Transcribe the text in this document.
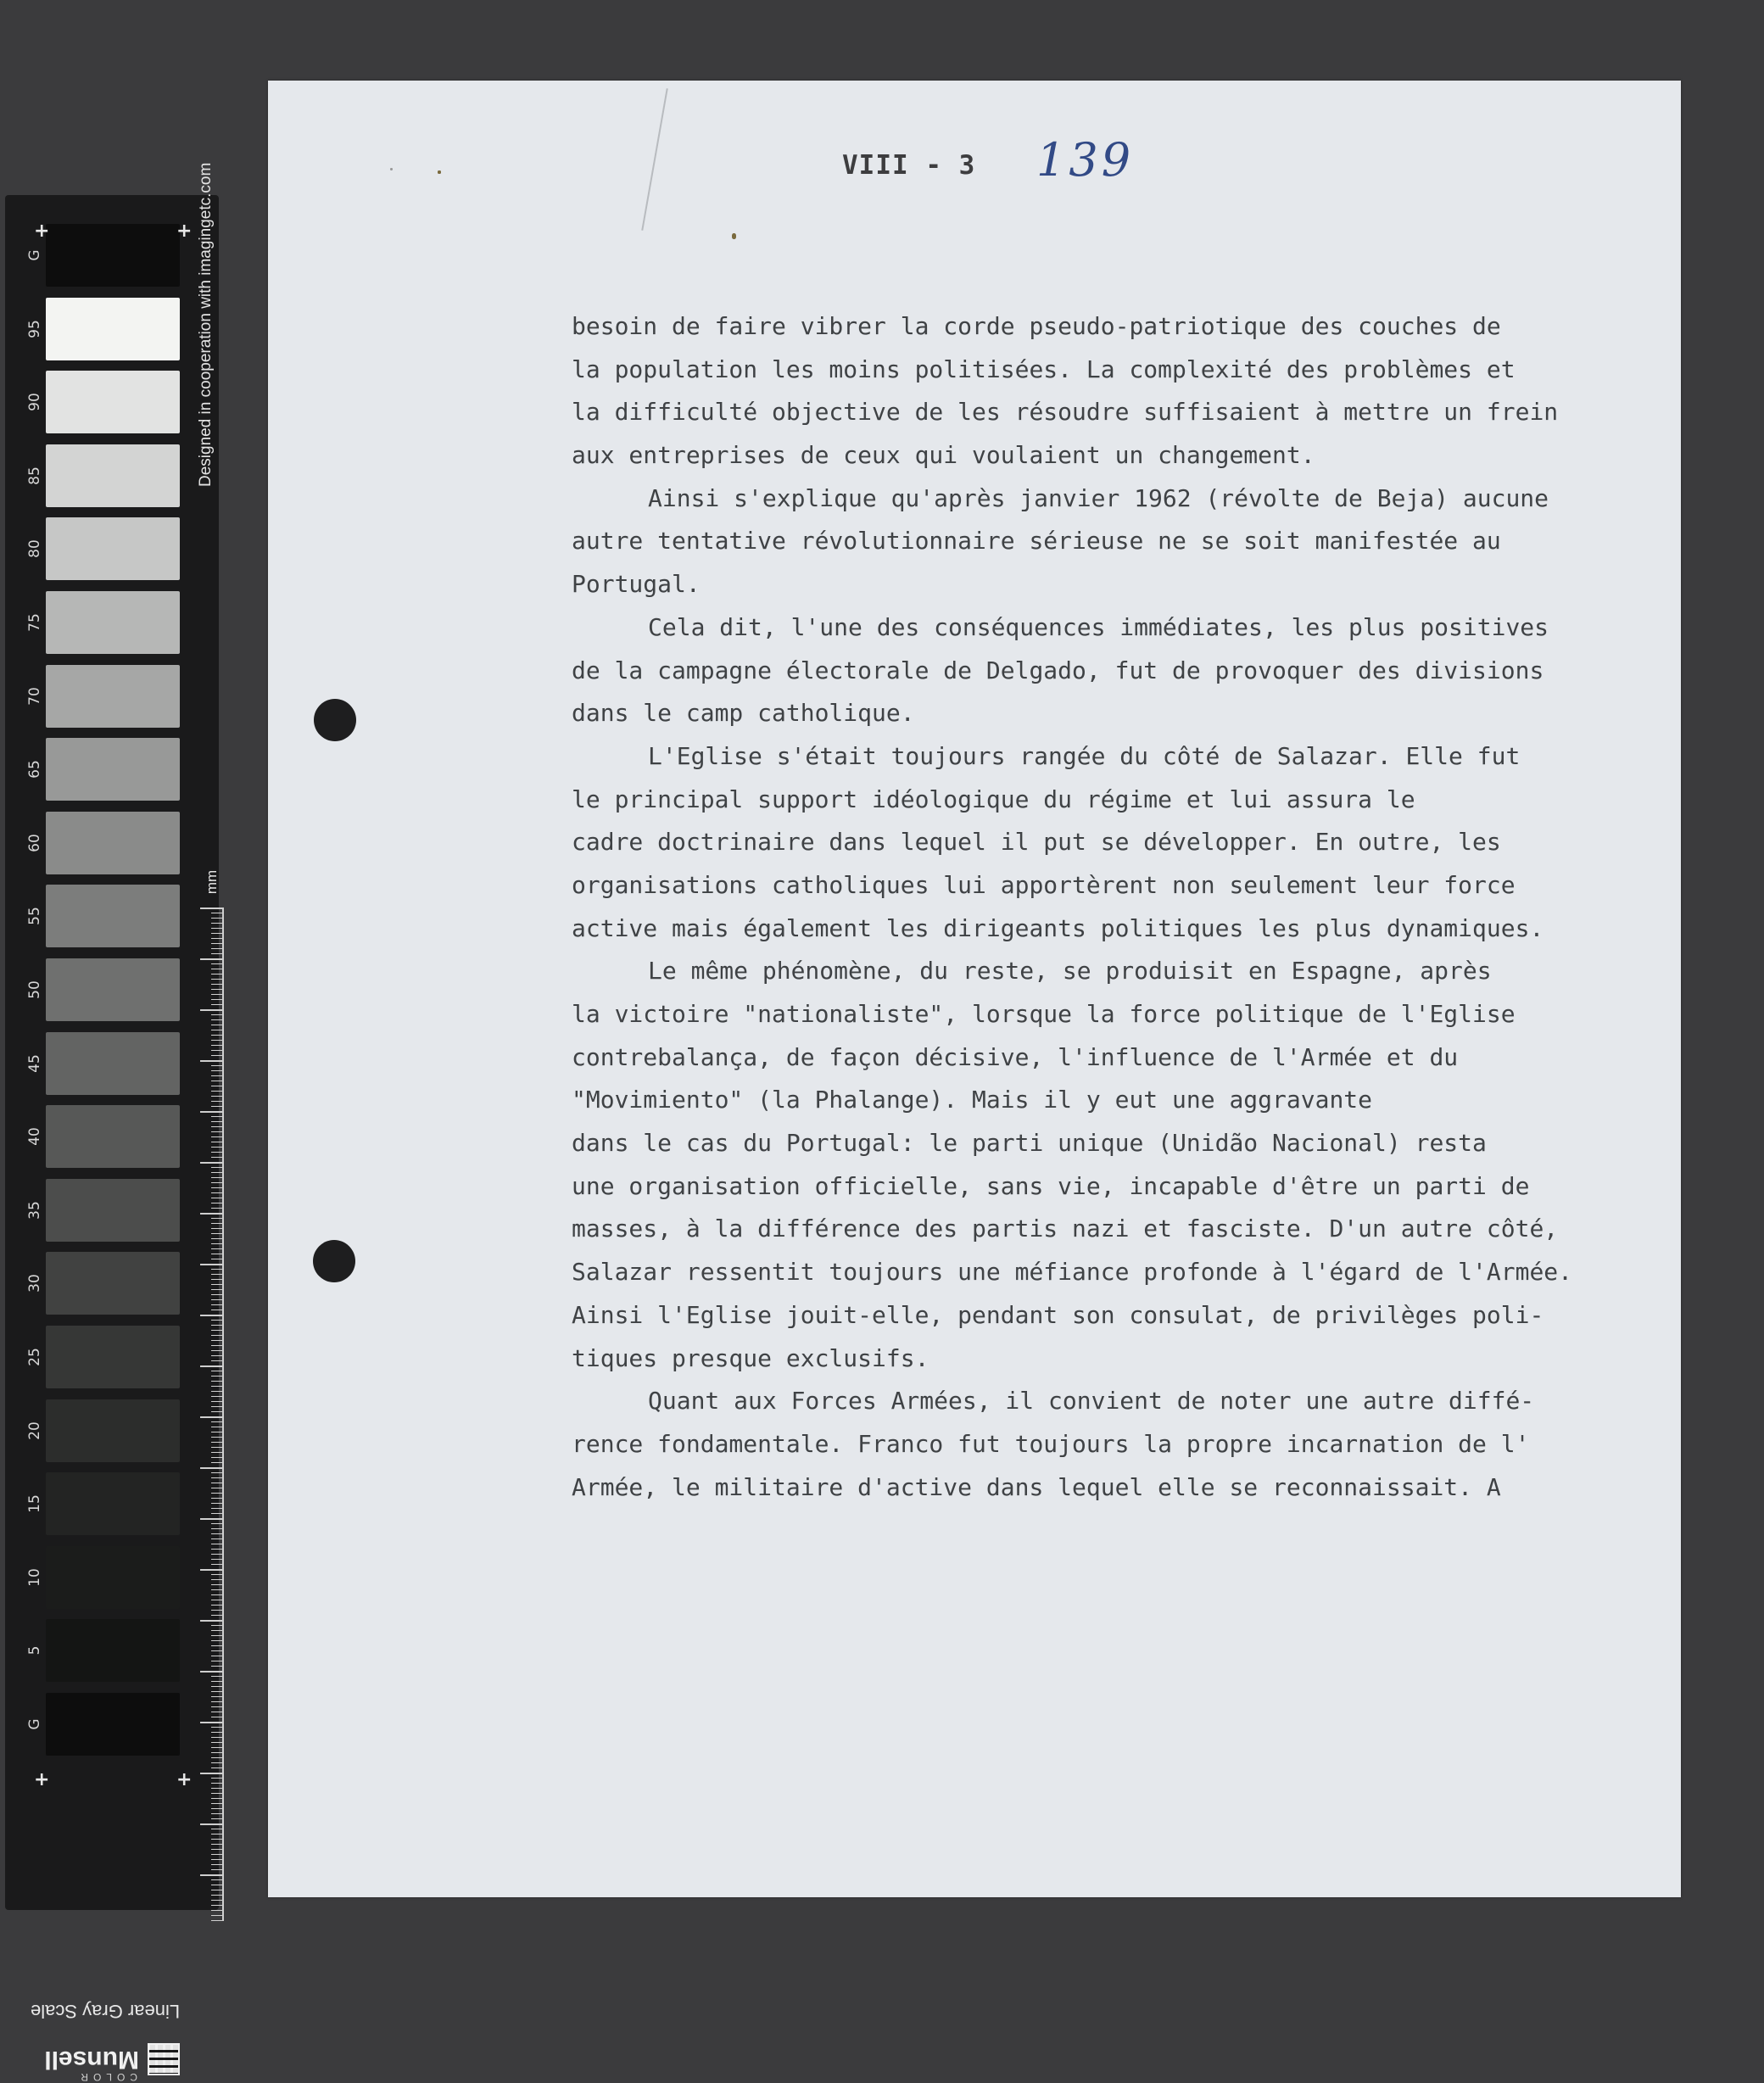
G
95
90
85
80
75
70
65
60
55
50
45
40
35
30
25
20
15
10
5
G
+	+
+	+
Designed in cooperation with imagingetc.com
mm
Linear Gray Scale
Munsell
COLOR
VIII - 3 139
besoin de faire vibrer la corde pseudo-patriotique des couches de
la population les moins politisées. La complexité des problèmes et
la difficulté objective de les résoudre suffisaient à mettre un frein
aux entreprises de ceux qui voulaient un changement.
Ainsi s'explique qu'après janvier 1962 (révolte de Beja) aucune
autre tentative révolutionnaire sérieuse ne se soit manifestée au
Portugal.
Cela dit, l'une des conséquences immédiates, les plus positives
de la campagne électorale de Delgado, fut de provoquer des divisions
dans le camp catholique.
L'Eglise s'était toujours rangée du côté de Salazar. Elle fut
le principal support idéologique du régime et lui assura le
cadre doctrinaire dans lequel il put se développer. En outre, les
organisations catholiques lui apportèrent non seulement leur force
active mais également les dirigeants politiques les plus dynamiques.
Le même phénomène, du reste, se produisit en Espagne, après
la victoire "nationaliste", lorsque la force politique de l'Eglise
contrebalança, de façon décisive, l'influence de l'Armée et du
"Movimiento" (la Phalange). Mais il y eut une aggravante
dans le cas du Portugal: le parti unique (Unidão Nacional) resta
une organisation officielle, sans vie, incapable d'être un parti de
masses, à la différence des partis nazi et fasciste. D'un autre côté,
Salazar ressentit toujours une méfiance profonde à l'égard de l'Armée.
Ainsi l'Eglise jouit-elle, pendant son consulat, de privilèges poli-
tiques presque exclusifs.
Quant aux Forces Armées, il convient de noter une autre diffé-
rence fondamentale. Franco fut toujours la propre incarnation de l'
Armée, le militaire d'active dans lequel elle se reconnaissait. A
